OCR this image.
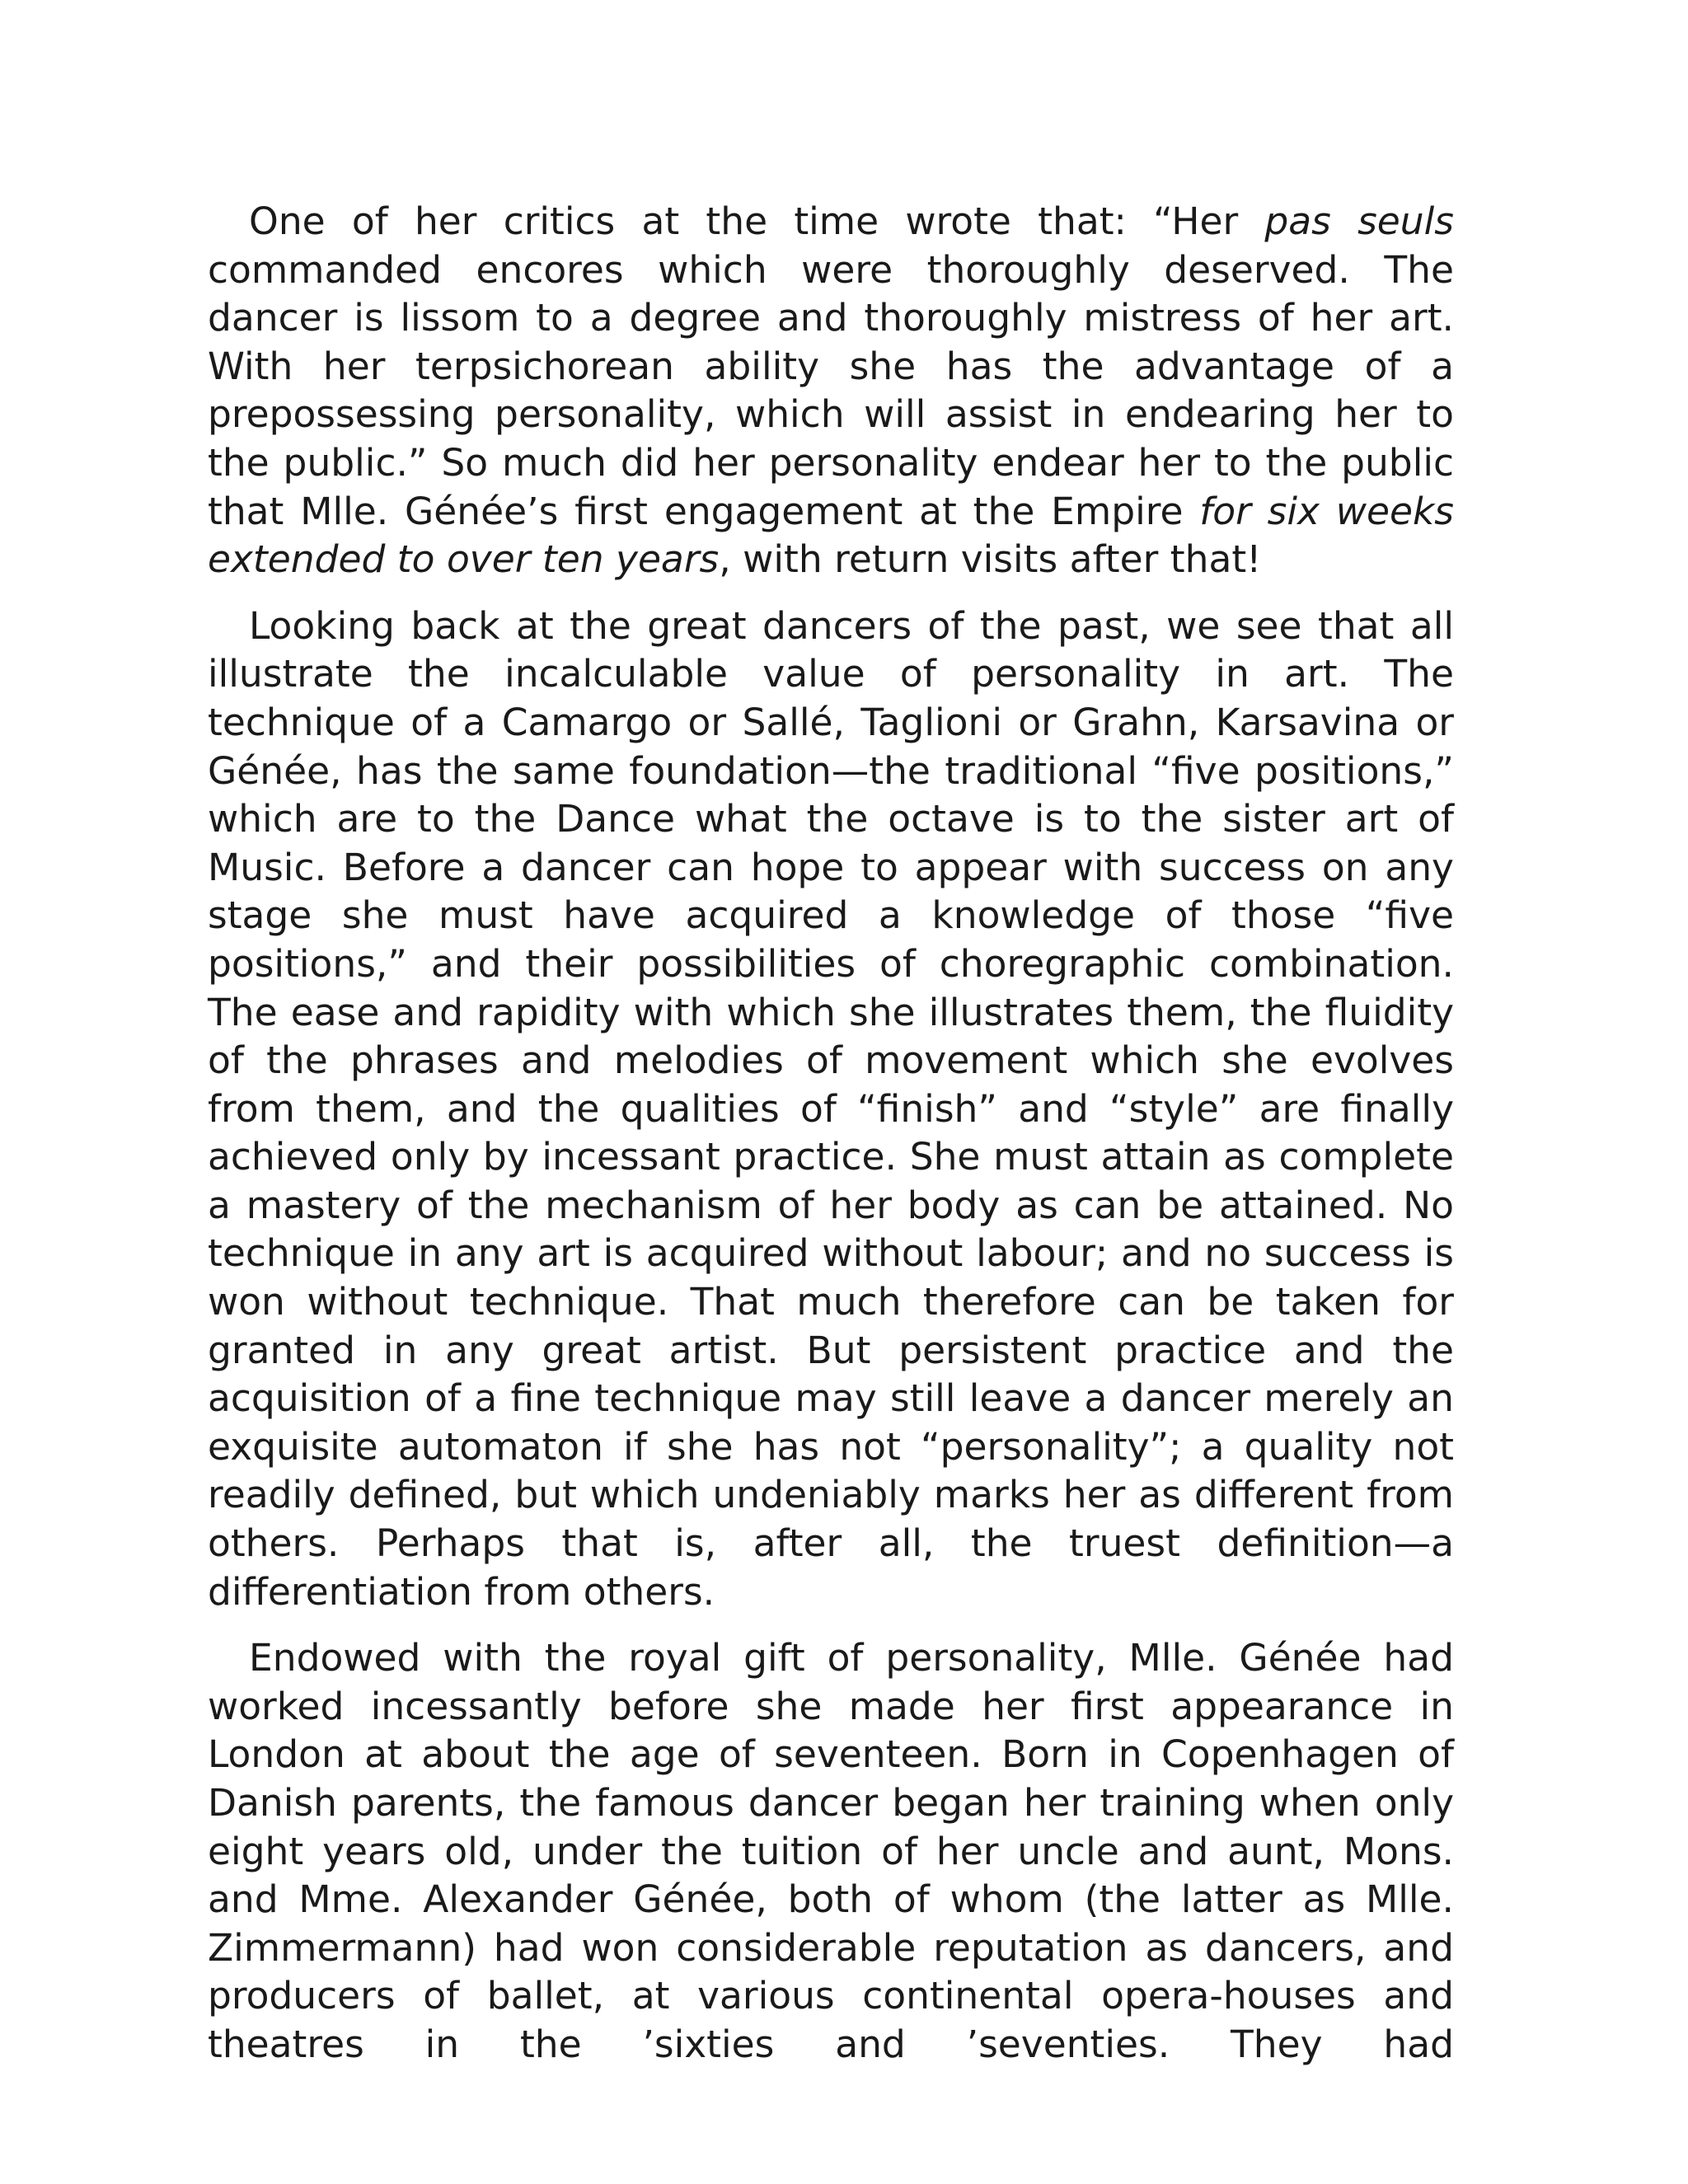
One of her critics at the time wrote that: “Her pas seuls commanded encores which were thoroughly deserved. The dancer is lissom to a degree and thoroughly mistress of her art. With her terpsichorean ability she has the advantage of a prepossessing personality, which will assist in endearing her to the public.” So much did her personality endear her to the public that Mlle. Génée’s first engagement at the Empire for six weeks extended to over ten years, with return visits after that!

Looking back at the great dancers of the past, we see that all illustrate the incalculable value of personality in art. The technique of a Camargo or Sallé, Taglioni or Grahn, Karsavina or Génée, has the same foundation—the traditional “five positions,” which are to the Dance what the octave is to the sister art of Music. Before a dancer can hope to appear with success on any stage she must have acquired a knowledge of those “five positions,” and their possibilities of choregraphic combination. The ease and rapidity with which she illustrates them, the fluidity of the phrases and melodies of movement which she evolves from them, and the qualities of “finish” and “style” are finally achieved only by incessant practice. She must attain as complete a mastery of the mechanism of her body as can be attained. No technique in any art is acquired without labour; and no success is won without technique. That much therefore can be taken for granted in any great artist. But persistent practice and the acquisition of a fine technique may still leave a dancer merely an exquisite automaton if she has not “personality”; a quality not readily defined, but which undeniably marks her as different from others. Perhaps that is, after all, the truest definition—a differentiation from others.

Endowed with the royal gift of personality, Mlle. Génée had worked incessantly before she made her first appearance in London at about the age of seventeen. Born in Copenhagen of Danish parents, the famous dancer began her training when only eight years old, under the tuition of her uncle and aunt, Mons. and Mme. Alexander Génée, both of whom (the latter as Mlle. Zimmermann) had won considerable reputation as dancers, and producers of ballet, at various continental opera-houses and theatres in the ’sixties and ’seventies. They had
